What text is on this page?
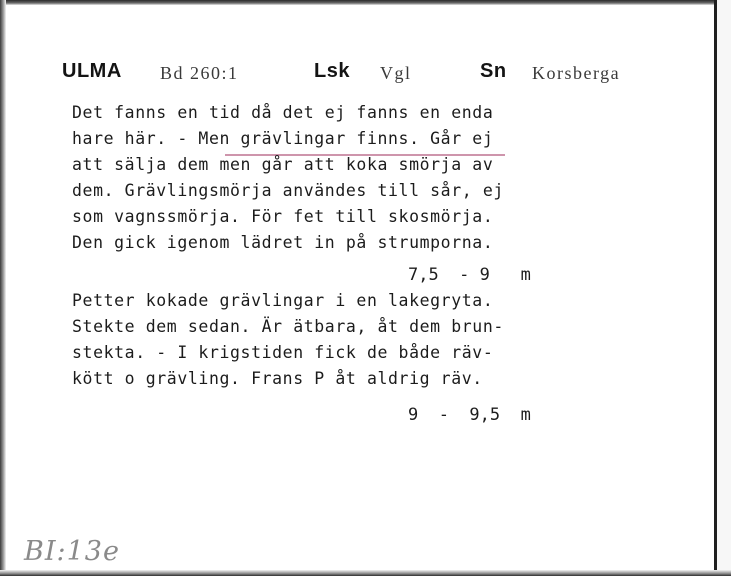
ULMA Bd 260:1	Lsk Vgl	Sn Korsberga
Det fanns en tid då det ej fanns en enda
hare här. - Men grävlingar finns. Går ej
att sälja dem men går att koka smörja av
dem. Grävlingsmörja användes till sår, ej
som vagnssmörja. För fet till skosmörja.
Den gick igenom lädret in på strumporna.
7,5  - 9   m
Petter kokade grävlingar i en lakegryta.
Stekte dem sedan. Är ätbara, åt dem brun-
stekta. - I krigstiden fick de både räv-
kött o grävling. Frans P åt aldrig räv.
9  -  9,5  m
BI:13e
